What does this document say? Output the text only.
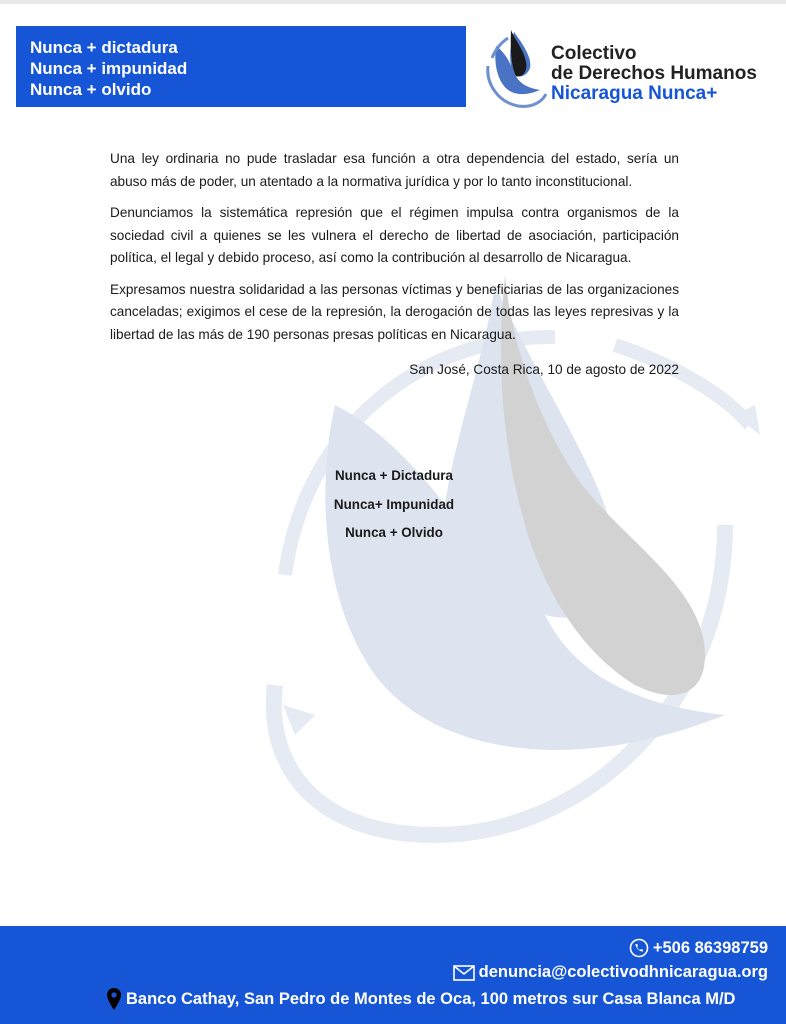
Nunca + dictadura
Nunca + impunidad
Nunca + olvido
Colectivo
de Derechos Humanos
Nicaragua Nunca+

Una ley ordinaria no pude trasladar esa función a otra dependencia del estado, sería un abuso más de poder, un atentado a la normativa jurídica y por lo tanto inconstitucional.

Denunciamos la sistemática represión que el régimen impulsa contra organismos de la sociedad civil a quienes se les vulnera el derecho de libertad de asociación, participación política, el legal y debido proceso, así como la contribución al desarrollo de Nicaragua.

Expresamos nuestra solidaridad a las personas víctimas y beneficiarias de las organizaciones canceladas; exigimos el cese de la represión, la derogación de todas las leyes represivas y la libertad de las más de 190 personas presas políticas en Nicaragua.

San José, Costa Rica, 10 de agosto de 2022
Nunca + Dictadura
Nunca+ Impunidad
Nunca + Olvido
+506 86398759
denuncia@colectivodhnicaragua.org
Banco Cathay, San Pedro de Montes de Oca, 100 metros sur Casa Blanca M/D
